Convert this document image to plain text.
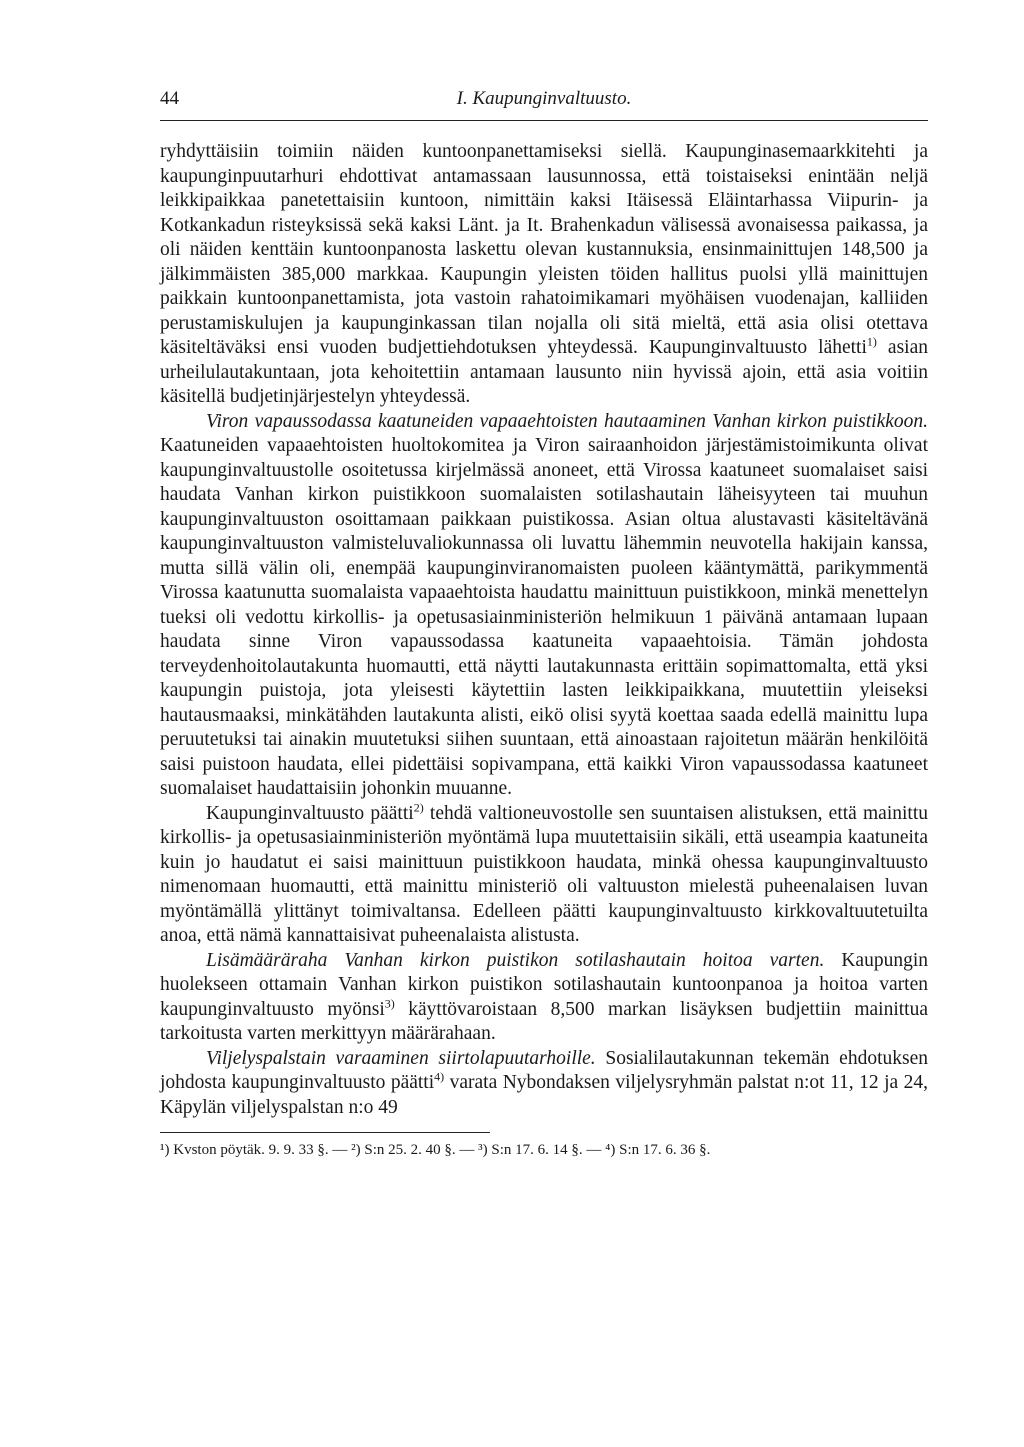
44	I. Kaupunginvaltuusto.

ryhdyttäisiin toimiin näiden kuntoonpanettamiseksi siellä. Kaupunginasemaarkkitehti ja kaupunginpuutarhuri ehdottivat antamassaan lausunnossa, että toistaiseksi enintään neljä leikkipaikkaa panetettaisiin kuntoon, nimittäin kaksi Itäisessä Eläintarhassa Viipurin- ja Kotkankadun risteyksissä sekä kaksi Länt. ja It. Brahenkadun välisessä avonaisessa paikassa, ja oli näiden kenttäin kuntoonpanosta laskettu olevan kustannuksia, ensinmainittujen 148,500 ja jälkimmäisten 385,000 markkaa. Kaupungin yleisten töiden hallitus puolsi yllä mainittujen paikkain kuntoonpanettamista, jota vastoin rahatoimikamari myöhäisen vuodenajan, kalliiden perustamiskulujen ja kaupunginkassan tilan nojalla oli sitä mieltä, että asia olisi otettava käsiteltäväksi ensi vuoden budjettiehdotuksen yhteydessä. Kaupunginvaltuusto lähetti$^{1)}$ asian urheilulautakuntaan, jota kehoitettiin antamaan lausunto niin hyvissä ajoin, että asia voitiin käsitellä budjetinjärjestelyn yhteydessä.

Viron vapaussodassa kaatuneiden vapaaehtoisten hautaaminen Vanhan kirkon puistikkoon. Kaatuneiden vapaaehtoisten huoltokomitea ja Viron sairaanhoidon järjestämistoimikunta olivat kaupunginvaltuustolle osoitetussa kirjelmässä anoneet, että Virossa kaatuneet suomalaiset saisi haudata Vanhan kirkon puistikkoon suomalaisten sotilashautain läheisyyteen tai muuhun kaupunginvaltuuston osoittamaan paikkaan puistikossa. Asian oltua alustavasti käsiteltävänä kaupunginvaltuuston valmisteluvaliokunnassa oli luvattu lähemmin neuvotella hakijain kanssa, mutta sillä välin oli, enempää kaupunginviranomaisten puoleen kääntymättä, parikymmentä Virossa kaatunutta suomalaista vapaaehtoista haudattu mainittuun puistikkoon, minkä menettelyn tueksi oli vedottu kirkollis- ja opetusasiainministeriön helmikuun 1 päivänä antamaan lupaan haudata sinne Viron vapaussodassa kaatuneita vapaaehtoisia. Tämän johdosta terveydenhoitolautakunta huomautti, että näytti lautakunnasta erittäin sopimattomalta, että yksi kaupungin puistoja, jota yleisesti käytettiin lasten leikkipaikkana, muutettiin yleiseksi hautausmaaksi, minkätähden lautakunta alisti, eikö olisi syytä koettaa saada edellä mainittu lupa peruutetuksi tai ainakin muutetuksi siihen suuntaan, että ainoastaan rajoitetun määrän henkilöitä saisi puistoon haudata, ellei pidettäisi sopivampana, että kaikki Viron vapaussodassa kaatuneet suomalaiset haudattaisiin johonkin muuanne.

Kaupunginvaltuusto päätti$^{2)}$ tehdä valtioneuvostolle sen suuntaisen alistuksen, että mainittu kirkollis- ja opetusasiainministeriön myöntämä lupa muutettaisiin sikäli, että useampia kaatuneita kuin jo haudatut ei saisi mainittuun puistikkoon haudata, minkä ohessa kaupunginvaltuusto nimenomaan huomautti, että mainittu ministeriö oli valtuuston mielestä puheenalaisen luvan myöntämällä ylittänyt toimivaltansa. Edelleen päätti kaupunginvaltuusto kirkkovaltuutetuilta anoa, että nämä kannattaisivat puheenalaista alistusta.

Lisämääräraha Vanhan kirkon puistikon sotilashautain hoitoa varten. Kaupungin huolekseen ottamain Vanhan kirkon puistikon sotilashautain kuntoonpanoa ja hoitoa varten kaupunginvaltuusto myönsi$^{3)}$ käyttövaroistaan 8,500 markan lisäyksen budjettiin mainittua tarkoitusta varten merkittyyn määrärahaan.

Viljelyspalstain varaaminen siirtolapuutarhoille. Sosialilautakunnan tekemän ehdotuksen johdosta kaupunginvaltuusto päätti$^{4)}$ varata Nybondaksen viljelysryhmän palstat n:ot 11, 12 ja 24, Käpylän viljelyspalstan n:o 49

¹) Kvston pöytäk. 9. 9. 33 §. — ²) S:n 25. 2. 40 §. — ³) S:n 17. 6. 14 §. — ⁴) S:n 17. 6. 36 §.
